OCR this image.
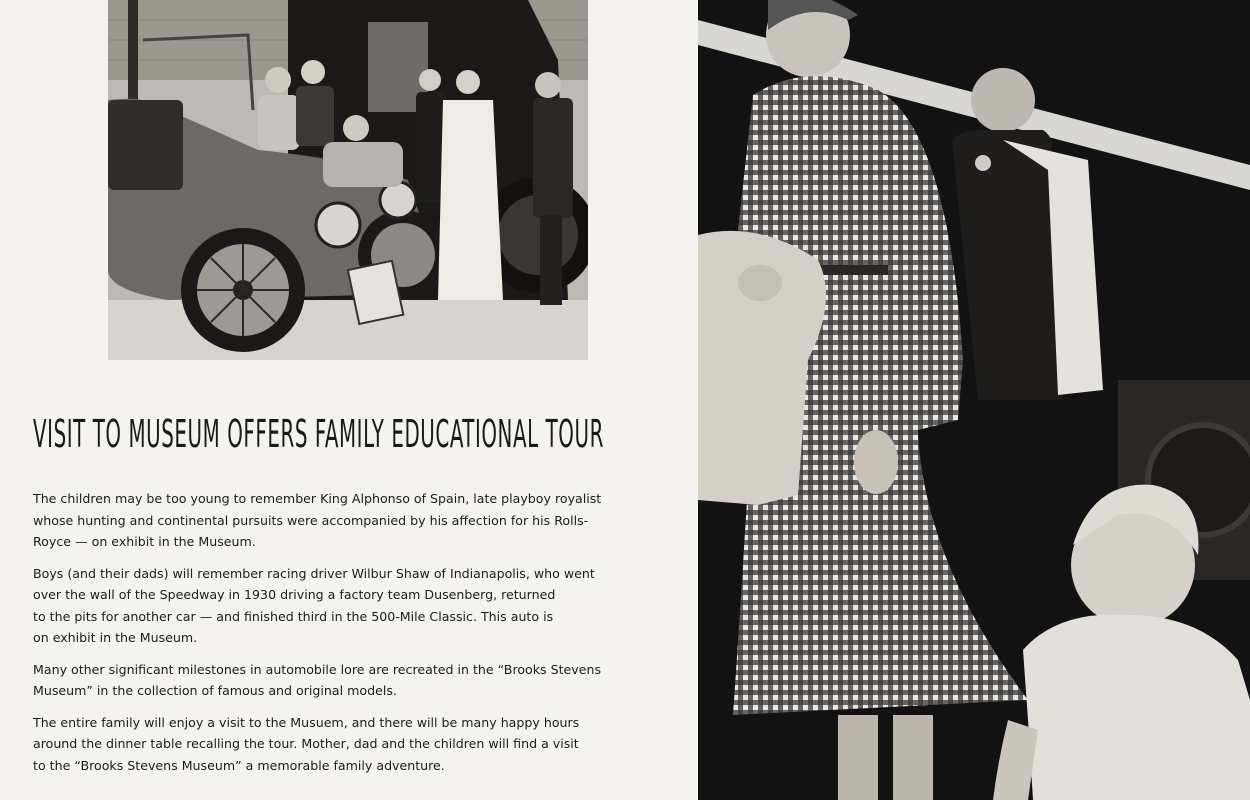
VISIT TO MUSEUM OFFERS FAMILY EDUCATIONAL TOUR

The children may be too young to remember King Alphonso of Spain, late playboy royalist
whose hunting and continental pursuits were accompanied by his affection for his Rolls-
Royce — on exhibit in the Museum.

Boys (and their dads) will remember racing driver Wilbur Shaw of Indianapolis, who went
over the wall of the Speedway in 1930 driving a factory team Dusenberg, returned
to the pits for another car — and finished third in the 500-Mile Classic. This auto is
on exhibit in the Museum.

Many other significant milestones in automobile lore are recreated in the “Brooks Stevens
Museum” in the collection of famous and original models.

The entire family will enjoy a visit to the Musuem, and there will be many happy hours
around the dinner table recalling the tour. Mother, dad and the children will find a visit
to the “Brooks Stevens Museum” a memorable family adventure.
